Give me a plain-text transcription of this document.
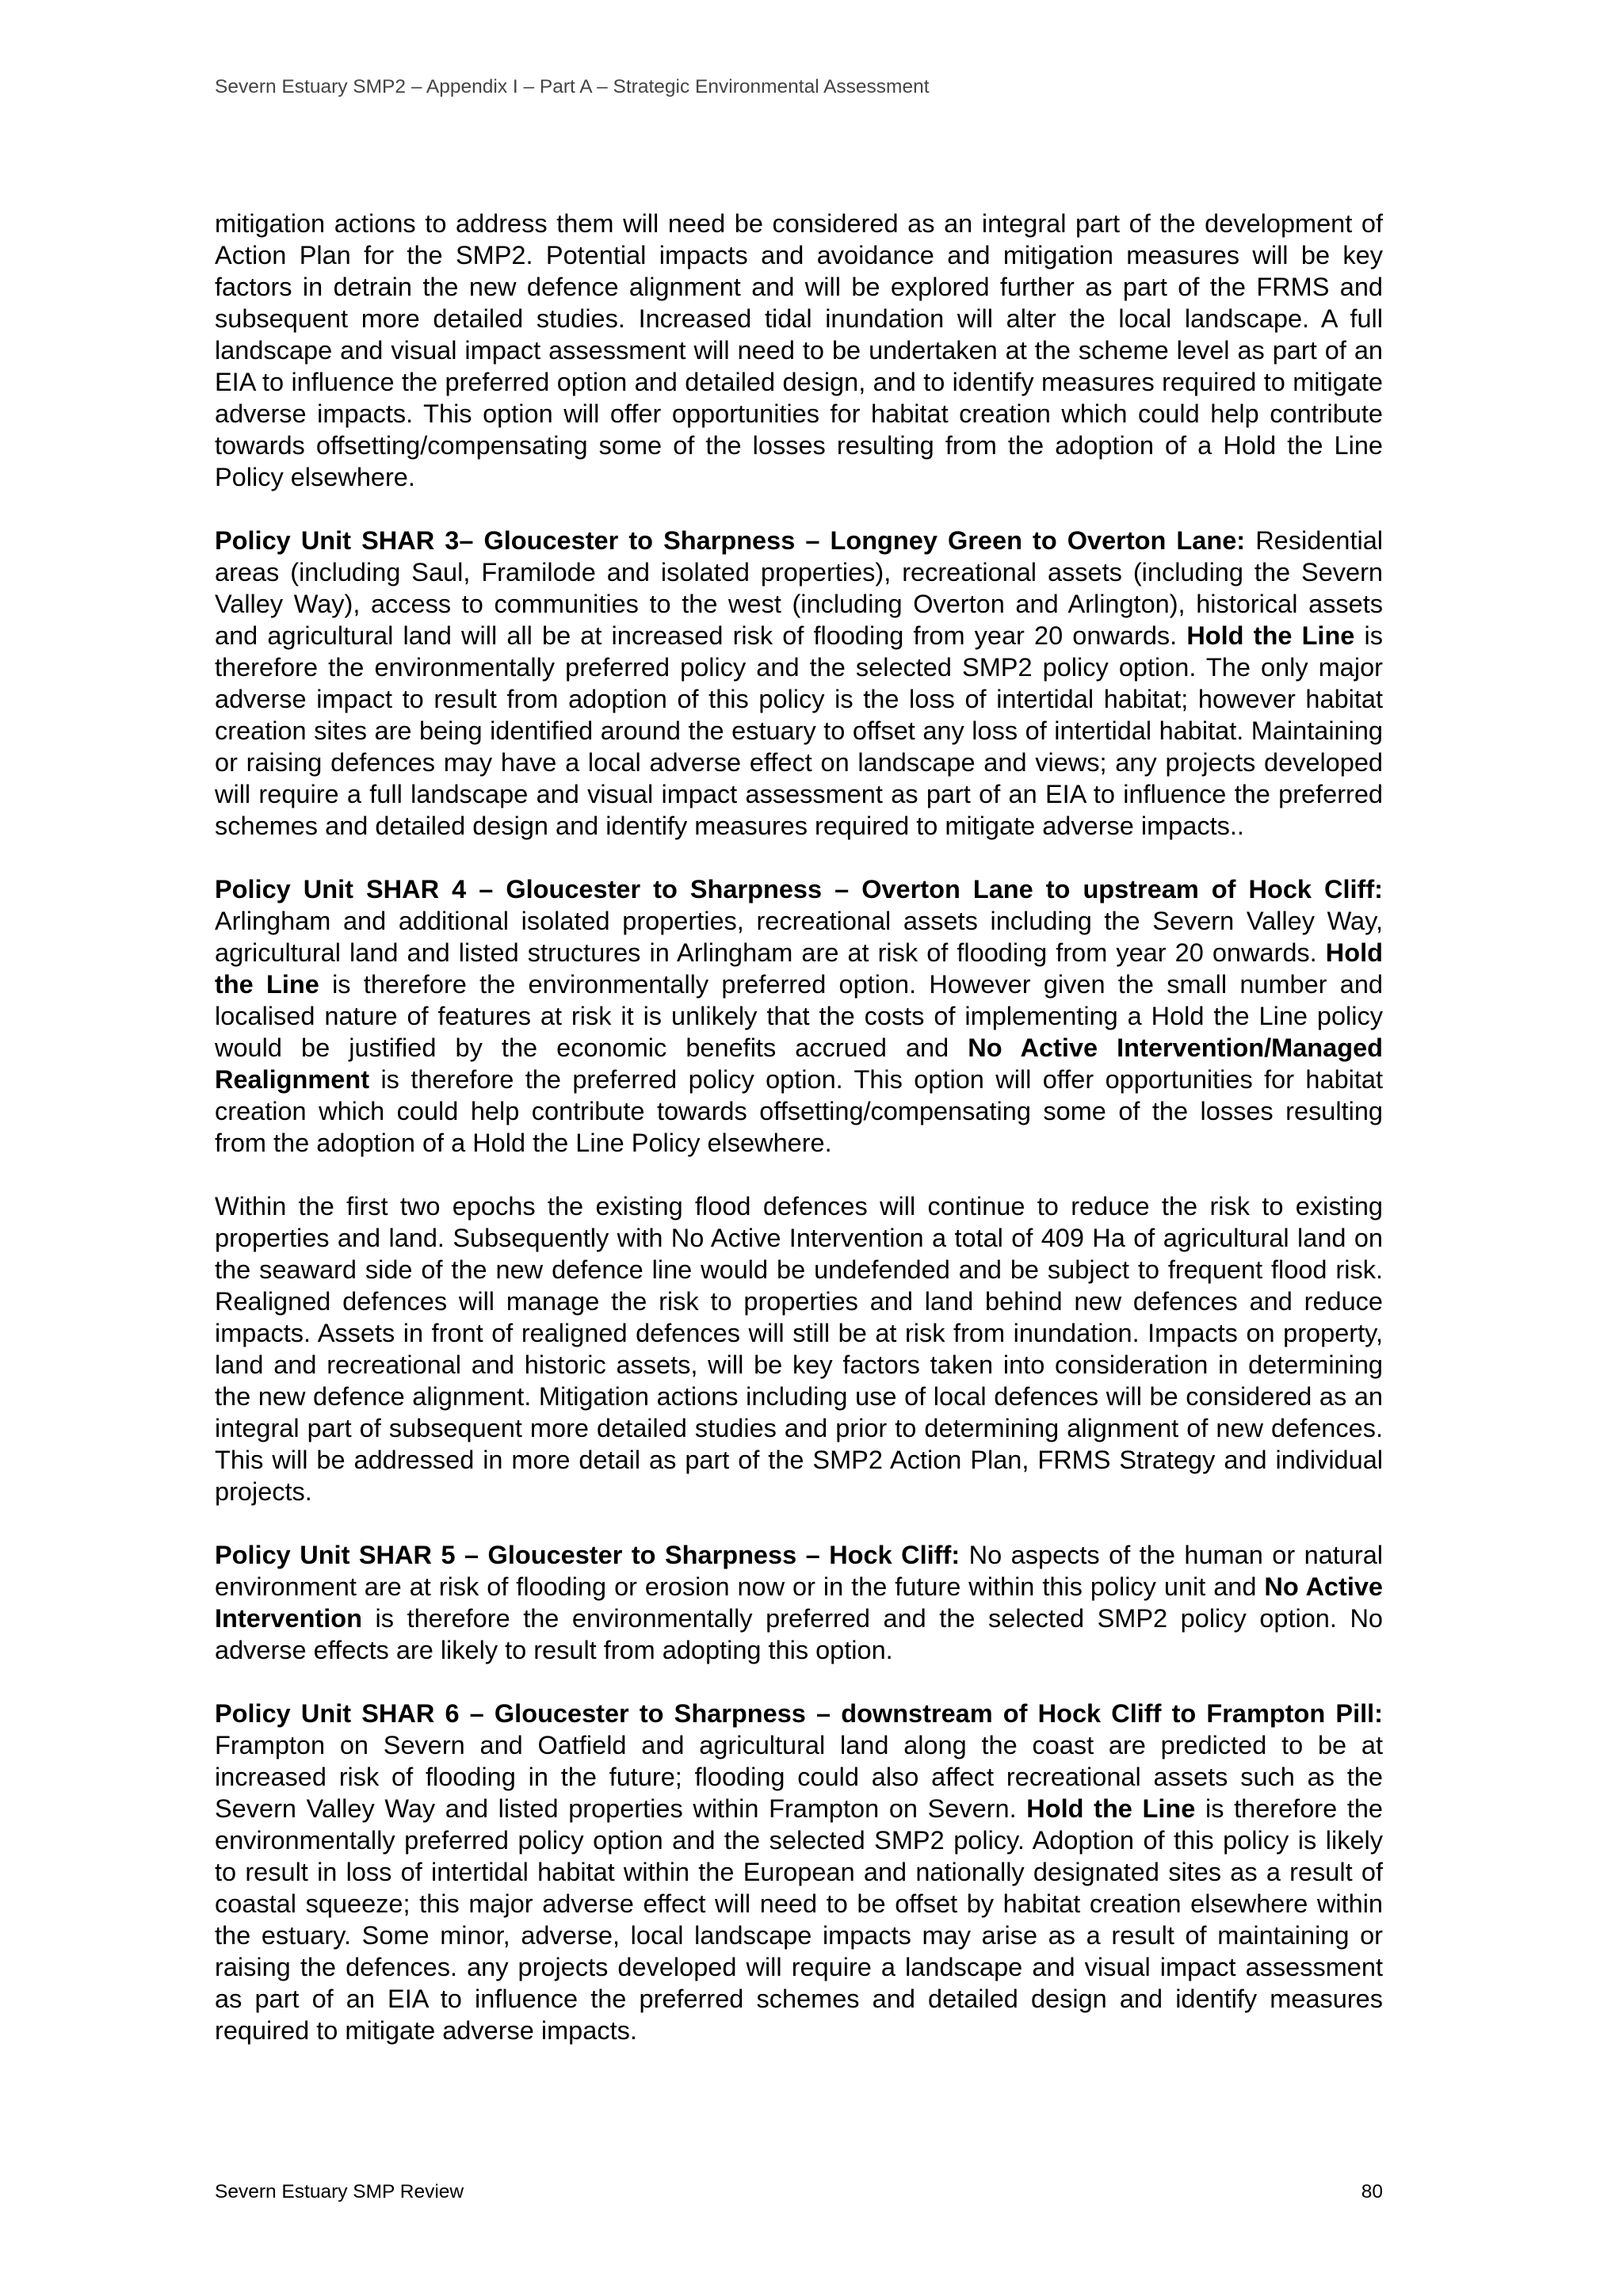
Severn Estuary SMP2 – Appendix I – Part A – Strategic Environmental Assessment

mitigation actions to address them will need be considered as an integral part of the development of Action Plan for the SMP2. Potential impacts and avoidance and mitigation measures will be key factors in detrain the new defence alignment and will be explored further as part of the FRMS and subsequent more detailed studies. Increased tidal inundation will alter the local landscape. A full landscape and visual impact assessment will need to be undertaken at the scheme level as part of an EIA to influence the preferred option and detailed design, and to identify measures required to mitigate adverse impacts. This option will offer opportunities for habitat creation which could help contribute towards offsetting/compensating some of the losses resulting from the adoption of a Hold the Line Policy elsewhere.

Policy Unit SHAR 3– Gloucester to Sharpness – Longney Green to Overton Lane: Residential areas (including Saul, Framilode and isolated properties), recreational assets (including the Severn Valley Way), access to communities to the west (including Overton and Arlington), historical assets and agricultural land will all be at increased risk of flooding from year 20 onwards. Hold the Line is therefore the environmentally preferred policy and the selected SMP2 policy option. The only major adverse impact to result from adoption of this policy is the loss of intertidal habitat; however habitat creation sites are being identified around the estuary to offset any loss of intertidal habitat. Maintaining or raising defences may have a local adverse effect on landscape and views; any projects developed will require a full landscape and visual impact assessment as part of an EIA to influence the preferred schemes and detailed design and identify measures required to mitigate adverse impacts..

Policy Unit SHAR 4 – Gloucester to Sharpness – Overton Lane to upstream of Hock Cliff: Arlingham and additional isolated properties, recreational assets including the Severn Valley Way, agricultural land and listed structures in Arlingham are at risk of flooding from year 20 onwards. Hold the Line is therefore the environmentally preferred option. However given the small number and localised nature of features at risk it is unlikely that the costs of implementing a Hold the Line policy would be justified by the economic benefits accrued and No Active Intervention/Managed Realignment is therefore the preferred policy option. This option will offer opportunities for habitat creation which could help contribute towards offsetting/compensating some of the losses resulting from the adoption of a Hold the Line Policy elsewhere.

Within the first two epochs the existing flood defences will continue to reduce the risk to existing properties and land. Subsequently with No Active Intervention a total of 409 Ha of agricultural land on the seaward side of the new defence line would be undefended and be subject to frequent flood risk. Realigned defences will manage the risk to properties and land behind new defences and reduce impacts. Assets in front of realigned defences will still be at risk from inundation. Impacts on property, land and recreational and historic assets, will be key factors taken into consideration in determining the new defence alignment. Mitigation actions including use of local defences will be considered as an integral part of subsequent more detailed studies and prior to determining alignment of new defences. This will be addressed in more detail as part of the SMP2 Action Plan, FRMS Strategy and individual projects.

Policy Unit SHAR 5 – Gloucester to Sharpness – Hock Cliff: No aspects of the human or natural environment are at risk of flooding or erosion now or in the future within this policy unit and No Active Intervention is therefore the environmentally preferred and the selected SMP2 policy option. No adverse effects are likely to result from adopting this option.

Policy Unit SHAR 6 – Gloucester to Sharpness – downstream of Hock Cliff to Frampton Pill: Frampton on Severn and Oatfield and agricultural land along the coast are predicted to be at increased risk of flooding in the future; flooding could also affect recreational assets such as the Severn Valley Way and listed properties within Frampton on Severn. Hold the Line is therefore the environmentally preferred policy option and the selected SMP2 policy. Adoption of this policy is likely to result in loss of intertidal habitat within the European and nationally designated sites as a result of coastal squeeze; this major adverse effect will need to be offset by habitat creation elsewhere within the estuary. Some minor, adverse, local landscape impacts may arise as a result of maintaining or raising the defences. any projects developed will require a landscape and visual impact assessment as part of an EIA to influence the preferred schemes and detailed design and identify measures required to mitigate adverse impacts.

Severn Estuary SMP Review	80
